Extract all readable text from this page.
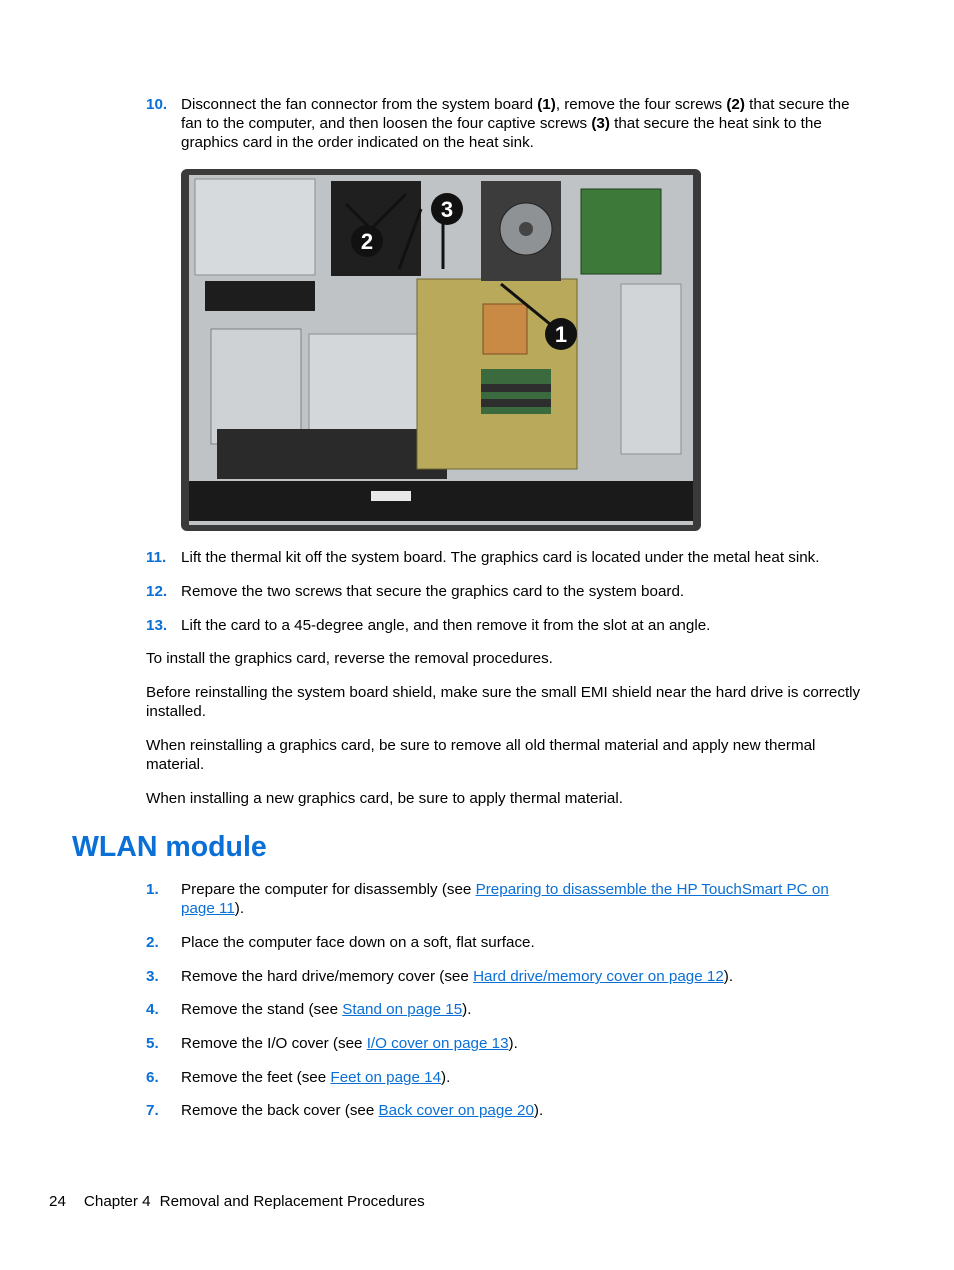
10. Disconnect the fan connector from the system board (1), remove the four screws (2) that secure the fan to the computer, and then loosen the four captive screws (3) that secure the heat sink to the graphics card in the order indicated on the heat sink.
2
3
1
11. Lift the thermal kit off the system board. The graphics card is located under the metal heat sink.
12. Remove the two screws that secure the graphics card to the system board.
13. Lift the card to a 45-degree angle, and then remove it from the slot at an angle.
To install the graphics card, reverse the removal procedures.
Before reinstalling the system board shield, make sure the small EMI shield near the hard drive is correctly installed.
When reinstalling a graphics card, be sure to remove all old thermal material and apply new thermal material.
When installing a new graphics card, be sure to apply thermal material.
WLAN module
1. Prepare the computer for disassembly (see Preparing to disassemble the HP TouchSmart PC on page 11).
2. Place the computer face down on a soft, flat surface.
3. Remove the hard drive/memory cover (see Hard drive/memory cover on page 12).
4. Remove the stand (see Stand on page 15).
5. Remove the I/O cover (see I/O cover on page 13).
6. Remove the feet (see Feet on page 14).
7. Remove the back cover (see Back cover on page 20).
24 Chapter 4 Removal and Replacement Procedures
